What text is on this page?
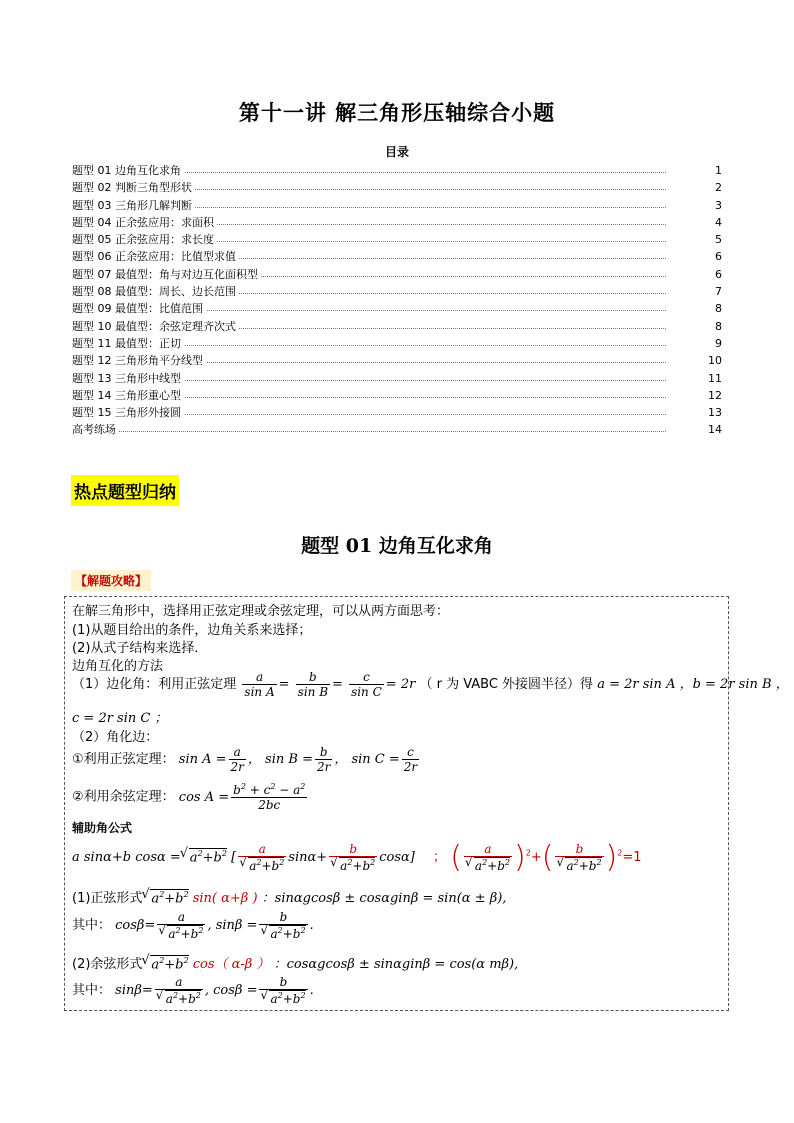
第十一讲 解三角形压轴综合小题
目录
题型 01 边角互化求角	1
题型 02 判断三角型形状	2
题型 03 三角形几解判断	3
题型 04 正余弦应用：求面积	4
题型 05 正余弦应用：求长度	5
题型 06 正余弦应用：比值型求值	6
题型 07 最值型：角与对边互化面积型	6
题型 08 最值型：周长、边长范围	7
题型 09 最值型：比值范围	8
题型 10 最值型：余弦定理齐次式	8
题型 11 最值型：正切	9
题型 12 三角形角平分线型	10
题型 13 三角形中线型	11
题型 14 三角形重心型	12
题型 15 三角形外接圆	13
高考练场	14
热点题型归纳
题型 01 边角互化求角
【解题攻略】
在解三角形中，选择用正弦定理或余弦定理，可以从两方面思考：
(1)从题目给出的条件，边角关系来选择；
(2)从式子结构来选择．
边角互化的方法
（1）边化角：利用正弦定理 $\frac{a}{\text{sin A}} = \frac{b}{\text{sin B}} = \frac{c}{\text{sin C}} = 2r$ （ r 为 VABC 外接圆半径）得 a = 2r sin A ，b = 2r sin B ，
c = 2r sin C ；
（2）角化边：
①利用正弦定理： $\sin A = \frac{a}{2r}$ ， $\sin B = \frac{b}{2r}$ ， $\sin C = \frac{c}{2r}$
②利用余弦定理： $\cos A = \frac{b^2 + c^2 - a^2}{2bc}$
辅助角公式
a sinα+b cosα = √ $a^2+b^2$ [ a
√ $a^2+b^2$ sinα+ b
√ $a^2+b^2$ cosα] ； ( a
√ $a^2+b^2$ )$^2$+( b
√ $a^2+b^2$ )$^2$=1
(1)正弦形式 √ $a^2+b^2$ sin( α+β ) ：sinαgcosβ ± cosαginβ = sin(α ± β),
其中： cosβ= a
√ $a^2+b^2$ , sinβ = b
√ $a^2+b^2$ .
(2)余弦形式 √ $a^2+b^2$ cos（ α-β ） ：cosαgcosβ ± sinαginβ = cos(α mβ),
其中： sinβ= a
√ $a^2+b^2$ , cosβ = b
√ $a^2+b^2$ .
